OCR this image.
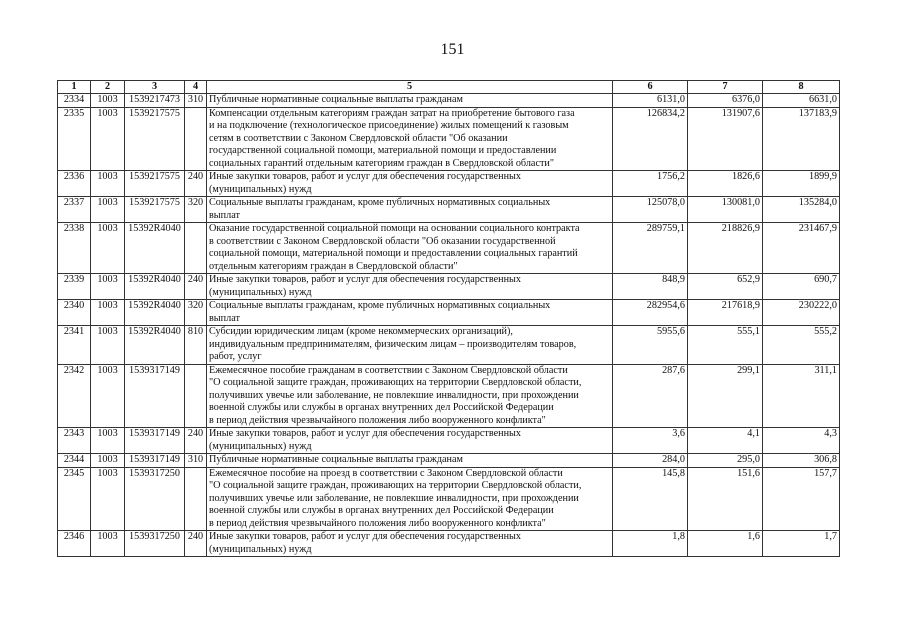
151
1	2	3	4	5	6	7	8
2334	1003	1539217473	310	Публичные нормативные социальные выплаты гражданам	6131,0	6376,0	6631,0
2335	1003	1539217575		Компенсации отдельным категориям граждан затрат на приобретение бытового газа
и на подключение (технологическое присоединение) жилых помещений к газовым
сетям в соответствии с Законом Свердловской области "Об оказании
государственной социальной помощи, материальной помощи и предоставлении
социальных гарантий отдельным категориям граждан в Свердловской области"	126834,2	131907,6	137183,9
2336	1003	1539217575	240	Иные закупки товаров, работ и услуг для обеспечения государственных
(муниципальных) нужд	1756,2	1826,6	1899,9
2337	1003	1539217575	320	Социальные выплаты гражданам, кроме публичных нормативных социальных
выплат	125078,0	130081,0	135284,0
2338	1003	15392R4040		Оказание государственной социальной помощи на основании социального контракта
в соответствии с Законом Свердловской области "Об оказании государственной
социальной помощи, материальной помощи и предоставлении социальных гарантий
отдельным категориям граждан в Свердловской области"	289759,1	218826,9	231467,9
2339	1003	15392R4040	240	Иные закупки товаров, работ и услуг для обеспечения государственных
(муниципальных) нужд	848,9	652,9	690,7
2340	1003	15392R4040	320	Социальные выплаты гражданам, кроме публичных нормативных социальных
выплат	282954,6	217618,9	230222,0
2341	1003	15392R4040	810	Субсидии юридическим лицам (кроме некоммерческих организаций),
индивидуальным предпринимателям, физическим лицам – производителям товаров,
работ, услуг	5955,6	555,1	555,2
2342	1003	1539317149		Ежемесячное пособие гражданам в соответствии с Законом Свердловской области
"О социальной защите граждан, проживающих на территории Свердловской области,
получивших увечье или заболевание, не повлекшие инвалидности, при прохождении
военной службы или службы в органах внутренних дел Российской Федерации
в период действия чрезвычайного положения либо вооруженного конфликта"	287,6	299,1	311,1
2343	1003	1539317149	240	Иные закупки товаров, работ и услуг для обеспечения государственных
(муниципальных) нужд	3,6	4,1	4,3
2344	1003	1539317149	310	Публичные нормативные социальные выплаты гражданам	284,0	295,0	306,8
2345	1003	1539317250		Ежемесячное пособие на проезд в соответствии с Законом Свердловской области
"О социальной защите граждан, проживающих на территории Свердловской области,
получивших увечье или заболевание, не повлекшие инвалидности, при прохождении
военной службы или службы в органах внутренних дел Российской Федерации
в период действия чрезвычайного положения либо вооруженного конфликта"	145,8	151,6	157,7
2346	1003	1539317250	240	Иные закупки товаров, работ и услуг для обеспечения государственных
(муниципальных) нужд	1,8	1,6	1,7
